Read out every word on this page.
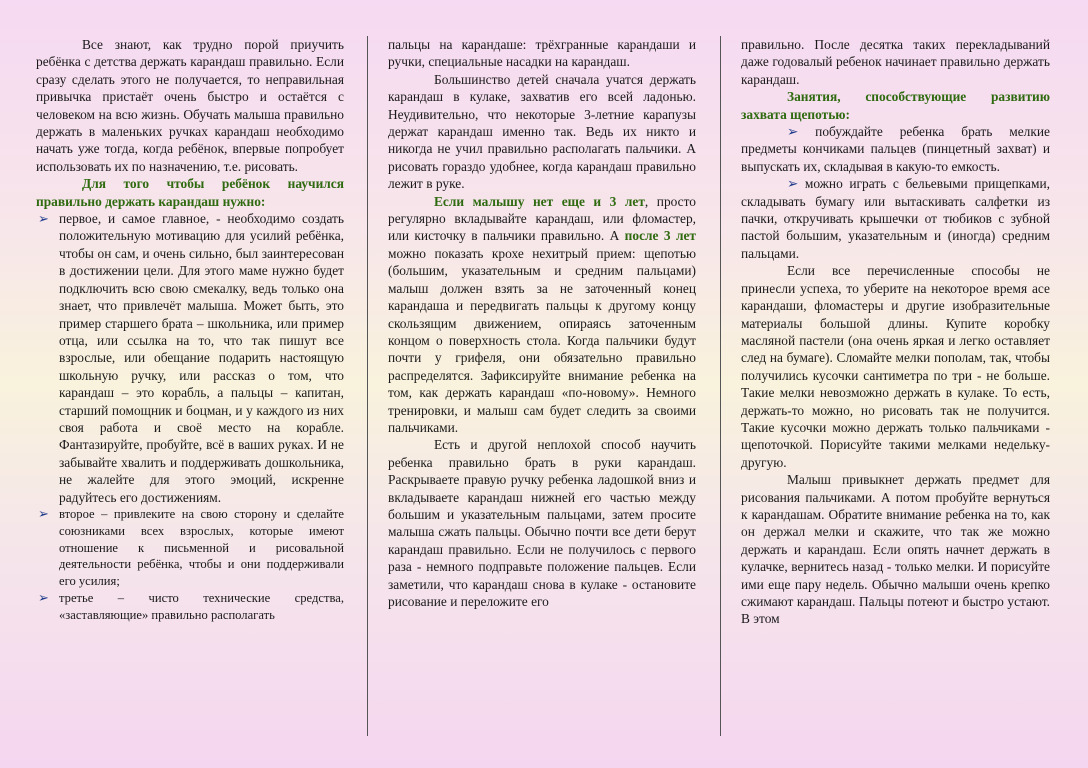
Все знают, как трудно порой приучить ребёнка с детства держать карандаш правильно. Если сразу сделать этого не получается, то неправильная привычка пристаёт очень быстро и остаётся с человеком на всю жизнь. Обучать малыша правильно держать в маленьких ручках карандаш необходимо начать уже тогда, когда ребёнок, впервые попробует использовать их по назначению, т.е. рисовать.

Для того чтобы ребёнок научился правильно держать карандаш нужно:

➢ первое, и самое главное, - необходимо создать положительную мотивацию для усилий ребёнка, чтобы он сам, и очень сильно, был заинтересован в достижении цели. Для этого маме нужно будет подключить всю свою смекалку, ведь только она знает, что привлечёт малыша. Может быть, это пример старшего брата – школьника, или пример отца, или ссылка на то, что так пишут все взрослые, или обещание подарить настоящую школьную ручку, или рассказ о том, что карандаш – это корабль, а пальцы – капитан, старший помощник и боцман, и у каждого из них своя работа и своё место на корабле. Фантазируйте, пробуйте, всё в ваших руках. И не забывайте хвалить и поддерживать дошкольника, не жалейте для этого эмоций, искренне радуйтесь его достижениям.

➢ второе – привлеките на свою сторону и сделайте союзниками всех взрослых, которые имеют отношение к письменной и рисовальной деятельности ребёнка, чтобы и они поддерживали его усилия;

➢ третье – чисто технические средства, «заставляющие» правильно располагать

пальцы на карандаше: трёхгранные карандаши и ручки, специальные насадки на карандаш.

Большинство детей сначала учатся держать карандаш в кулаке, захватив его всей ладонью. Неудивительно, что некоторые 3-летние карапузы держат карандаш именно так. Ведь их никто и никогда не учил правильно располагать пальчики. А рисовать гораздо удобнее, когда карандаш правильно лежит в руке.

Если малышу нет еще и 3 лет, просто регулярно вкладывайте карандаш, или фломастер, или кисточку в пальчики правильно. А после 3 лет можно показать крохе нехитрый прием: щепотью (большим, указательным и средним пальцами) малыш должен взять за не заточенный конец карандаша и передвигать пальцы к другому концу скользящим движением, опираясь заточенным концом о поверхность стола. Когда пальчики будут почти у грифеля, они обязательно правильно распределятся. Зафиксируйте внимание ребенка на том, как держать карандаш «по-новому». Немного тренировки, и малыш сам будет следить за своими пальчиками.

Есть и другой неплохой способ научить ребенка правильно брать в руки карандаш. Раскрываете правую ручку ребенка ладошкой вниз и вкладываете карандаш нижней его частью между большим и указательным пальцами, затем просите малыша сжать пальцы. Обычно почти все дети берут карандаш правильно. Если не получилось с первого раза - немного подправьте положение пальцев. Если заметили, что карандаш снова в кулаке - остановите рисование и переложите его

правильно. После десятка таких перекладываний даже годовалый ребенок начинает правильно держать карандаш.

Занятия, способствующие развитию захвата щепотью:

➢ побуждайте ребенка брать мелкие предметы кончиками пальцев (пинцетный захват) и выпускать их, складывая в какую-то емкость.

➢ можно играть с бельевыми прищепками, складывать бумагу или вытаскивать салфетки из пачки, откручивать крышечки от тюбиков с зубной пастой большим, указательным и (иногда) средним пальцами.

Если все перечисленные способы не принесли успеха, то уберите на некоторое время асе карандаши, фломастеры и другие изобразительные материалы большой длины. Купите коробку масляной пастели (она очень яркая и легко оставляет след на бумаге). Сломайте мелки пополам, так, чтобы получились кусочки сантиметра по три - не больше. Такие мелки невозможно держать в кулаке. То есть, держать-то можно, но рисовать так не получится. Такие кусочки можно держать только пальчиками - щепоточкой. Порисуйте такими мелками недельку-другую.

Малыш привыкнет держать предмет для рисования пальчиками. А потом пробуйте вернуться к карандашам. Обратите внимание ребенка на то, как он держал мелки и скажите, что так же можно держать и карандаш. Если опять начнет держать в кулачке, вернитесь назад - только мелки. И порисуйте ими еще пару недель. Обычно малыши очень крепко сжимают карандаш. Пальцы потеют и быстро устают. В этом
